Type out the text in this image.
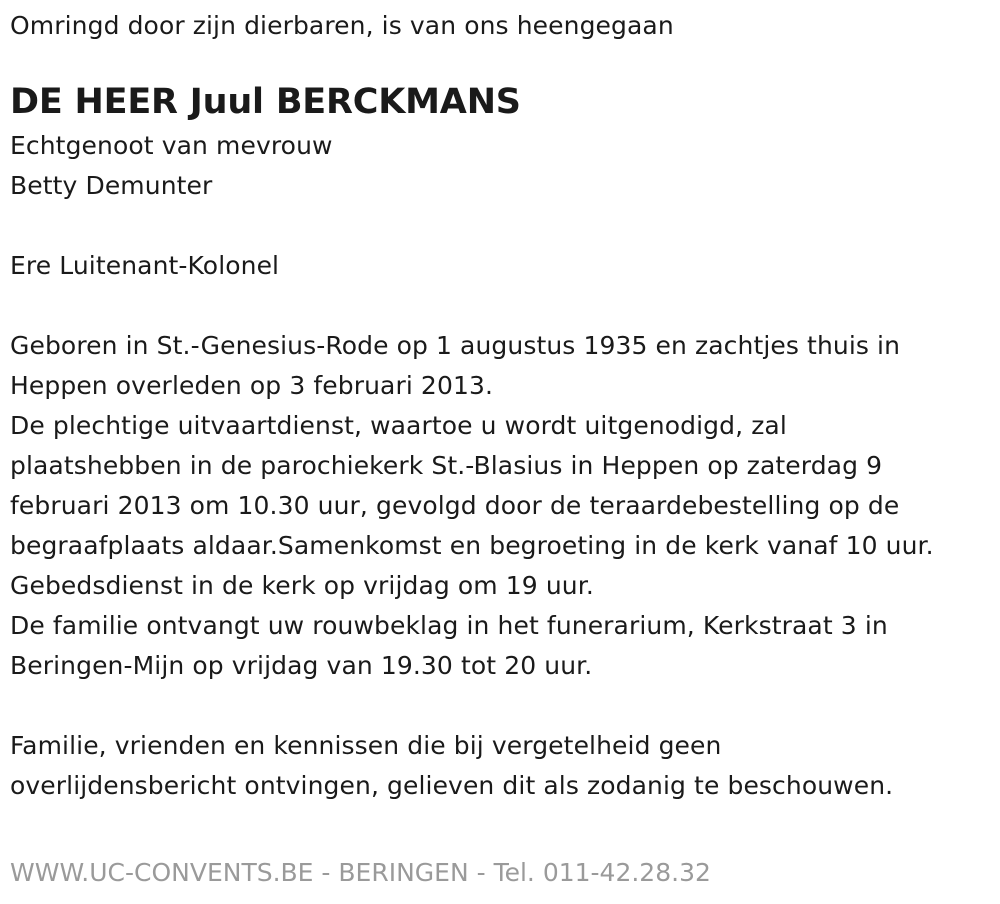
Omringd door zijn dierbaren, is van ons heengegaan
DE HEER Juul BERCKMANS
Echtgenoot van mevrouw
Betty Demunter
Ere Luitenant-Kolonel
Geboren in St.-Genesius-Rode op 1 augustus 1935 en zachtjes thuis in
Heppen overleden op 3 februari 2013.
De plechtige uitvaartdienst, waartoe u wordt uitgenodigd, zal
plaatshebben in de parochiekerk St.-Blasius in Heppen op zaterdag 9
februari 2013 om 10.30 uur, gevolgd door de teraardebestelling op de
begraafplaats aldaar.Samenkomst en begroeting in de kerk vanaf 10 uur.
Gebedsdienst in de kerk op vrijdag om 19 uur.
De familie ontvangt uw rouwbeklag in het funerarium, Kerkstraat 3 in
Beringen-Mijn op vrijdag van 19.30 tot 20 uur.
Familie, vrienden en kennissen die bij vergetelheid geen
overlijdensbericht ontvingen, gelieven dit als zodanig te beschouwen.
WWW.UC-CONVENTS.BE - BERINGEN - Tel. 011-42.28.32
